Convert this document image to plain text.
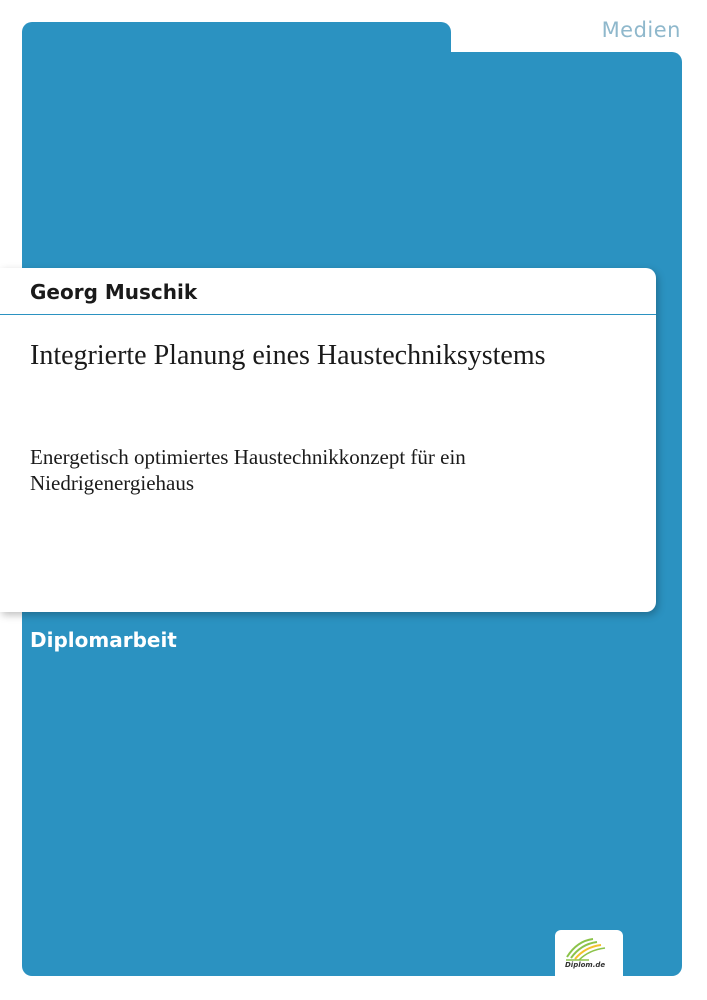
Medien
Georg Muschik
Integrierte Planung eines Haustechniksystems
Energetisch optimiertes Haustechnikkonzept für ein Niedrigenergiehaus
Diplomarbeit
Diplom.de
